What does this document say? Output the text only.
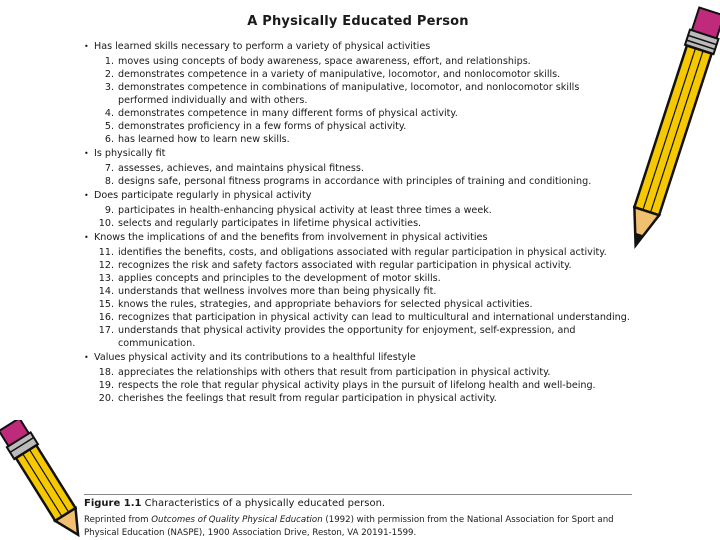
A Physically Educated Person
• Has learned skills necessary to perform a variety of physical activities
1. moves using concepts of body awareness, space awareness, effort, and relationships.
2. demonstrates competence in a variety of manipulative, locomotor, and nonlocomotor skills.
3. demonstrates competence in combinations of manipulative, locomotor, and nonlocomotor skills performed individually and with others.
4. demonstrates competence in many different forms of physical activity.
5. demonstrates proficiency in a few forms of physical activity.
6. has learned how to learn new skills.
• Is physically fit
7. assesses, achieves, and maintains physical fitness.
8. designs safe, personal fitness programs in accordance with principles of training and conditioning.
• Does participate regularly in physical activity
9. participates in health-enhancing physical activity at least three times a week.
10. selects and regularly participates in lifetime physical activities.
• Knows the implications of and the benefits from involvement in physical activities
11. identifies the benefits, costs, and obligations associated with regular participation in physical activity.
12. recognizes the risk and safety factors associated with regular participation in physical activity.
13. applies concepts and principles to the development of motor skills.
14. understands that wellness involves more than being physically fit.
15. knows the rules, strategies, and appropriate behaviors for selected physical activities.
16. recognizes that participation in physical activity can lead to multicultural and international understanding.
17. understands that physical activity provides the opportunity for enjoyment, self-expression, and communication.
• Values physical activity and its contributions to a healthful lifestyle
18. appreciates the relationships with others that result from participation in physical activity.
19. respects the role that regular physical activity plays in the pursuit of lifelong health and well-being.
20. cherishes the feelings that result from regular participation in physical activity.
Figure 1.1 Characteristics of a physically educated person.
Reprinted from Outcomes of Quality Physical Education (1992) with permission from the National Association for Sport and Physical Education (NASPE), 1900 Association Drive, Reston, VA 20191-1599.
